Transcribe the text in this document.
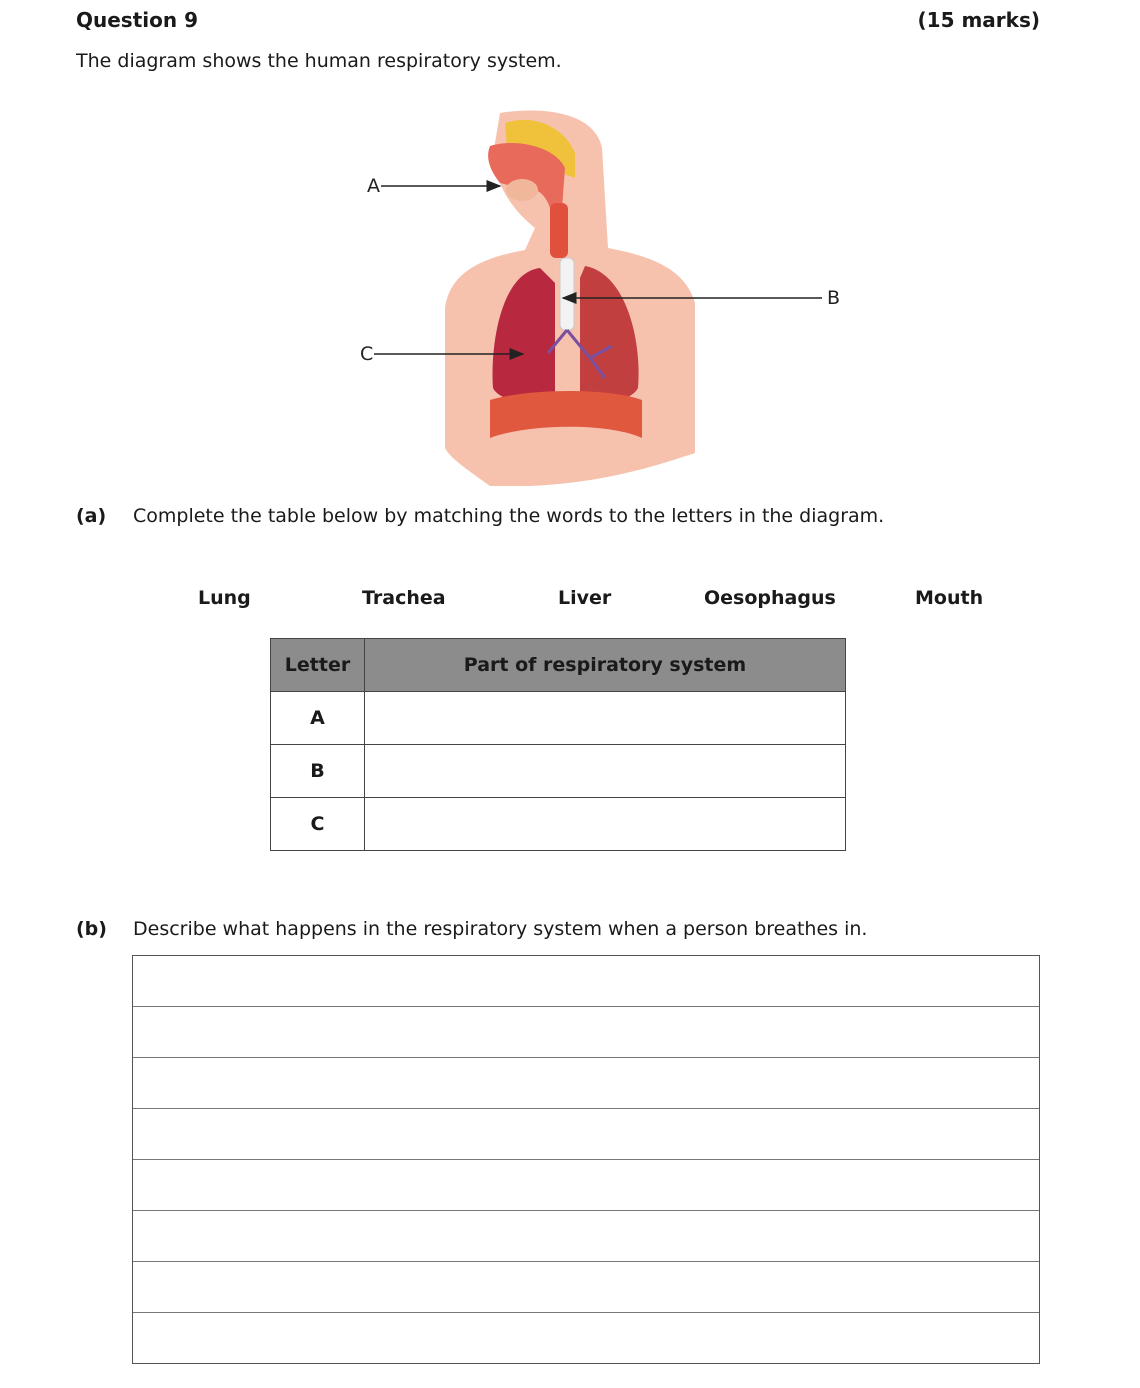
Question 9	(15 marks)
The diagram shows the human respiratory system.
A
B
C
(a) Complete the table below by matching the words to the letters in the diagram.
Lung	Trachea	Liver	Oesophagus	Mouth
Letter	Part of respiratory system
A	
B	
C	
(b) Describe what happens in the respiratory system when a person breathes in.
